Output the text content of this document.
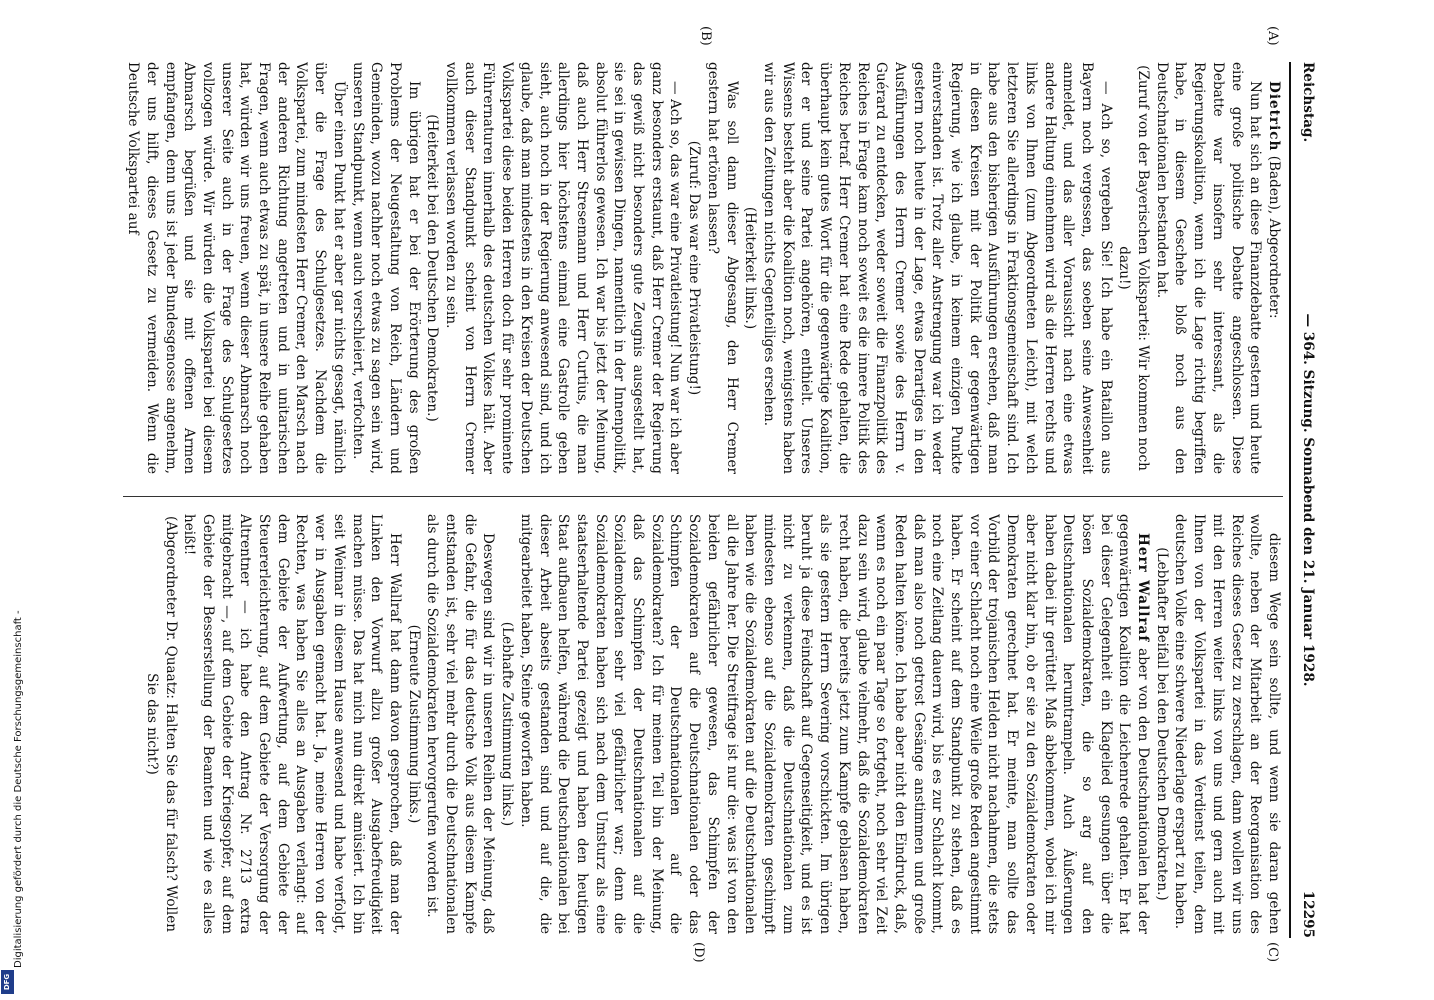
Reichstag.
— 364. Sitzung. Sonnabend den 21. Januar 1928.
12295
(A)
(B)
(C)
(D)

Dietrich (Baden), Abgeordneter:

Nun hat sich an diese Finanzdebatte gestern und heute eine große politische Debatte angeschlossen. Diese Debatte war insofern sehr interessant, als die Regierungskoalition, wenn ich die Lage richtig begriffen habe, in diesem Geschehe bloß noch aus den Deutschnationalen bestanden hat.

(Zuruf von der Bayerischen Volkspartei: Wir kommen noch dazu!)

— Ach so, vergeben Sie! Ich habe ein Bataillon aus Bayern noch vergessen, das soeben seine Anwesenheit anmeldet, und das aller Voraussicht nach eine etwas andere Haltung einnehmen wird als die Herren rechts und links von Ihnen (zum Abgeordneten Leicht), mit welch letzteren Sie allerdings in Fraktionsgemeinschaft sind. Ich habe aus den bisherigen Ausführungen ersehen, daß man in diesen Kreisen mit der Politik der gegenwärtigen Regierung, wie ich glaube, in keinem einzigen Punkte einverstanden ist. Trotz aller Anstrengung war ich weder gestern noch heute in der Lage, etwas Derartiges in den Ausführungen des Herrn Cremer sowie des Herrn v. Guérard zu entdecken, weder soweit die Finanzpolitik des Reiches in Frage kam noch soweit es die innere Politik des Reiches betraf. Herr Cremer hat eine Rede gehalten, die überhaupt kein gutes Wort für die gegenwärtige Koalition, der er und seine Partei angehören, enthielt. Unseres Wissens besteht aber die Koalition noch, wenigstens haben wir aus den Zeitungen nichts Gegenteiliges ersehen.

(Heiterkeit links.)

Was soll dann dieser Abgesang, den Herr Cremer gestern hat ertönen lassen?

(Zuruf: Das war eine Privatleistung!)

— Ach so, das war eine Privatleistung! Nun war ich aber ganz besonders erstaunt, daß Herr Cremer der Regierung das gewiß nicht besonders gute Zeugnis ausgestellt hat, sie sei in gewissen Dingen, namentlich in der Innenpolitik, absolut führerlos gewesen. Ich war bis jetzt der Meinung, daß auch Herr Stresemann und Herr Curtius, die man allerdings hier höchstens einmal eine Gastrolle geben sieht, auch noch in der Regierung anwesend sind, und ich glaube, daß man mindestens in den Kreisen der Deutschen Volkspartei diese beiden Herren doch für sehr prominente Führernaturen innerhalb des deutschen Volkes hält. Aber auch dieser Standpunkt scheint von Herrn Cremer vollkommen verlassen worden zu sein.

(Heiterkeit bei den Deutschen Demokraten.)

Im übrigen hat er bei der Erörterung des großen Problems der Neugestaltung von Reich, Ländern und Gemeinden, wozu nachher noch etwas zu sagen sein wird, unseren Standpunkt, wenn auch verschleiert, verfochten.

Über einen Punkt hat er aber gar nichts gesagt, nämlich über die Frage des Schulgesetzes. Nachdem die Volkspartei, zum mindesten Herr Cremer, den Marsch nach der anderen Richtung angetreten und in unitarischen Fragen, wenn auch etwas zu spät, in unsere Reihe gehaben hat, würden wir uns freuen, wenn dieser Abmarsch noch unserer Seite auch in der Frage des Schulgesetzes vollzogen würde. Wir würden die Volkspartei bei diesem Abmarsch begrüßen und sie mit offenen Armen empfangen, denn uns ist jeder Bundesgenosse angenehm, der uns hilft, dieses Gesetz zu vermeiden. Wenn die Deutsche Volkspartei auf

diesem Wege sein sollte, und wenn sie daran gehen wollte, neben der Mitarbeit an der Reorganisation des Reiches dieses Gesetz zu zerschlagen, dann wollen wir uns mit den Herren weiter links von uns und gern auch mit Ihnen von der Volkspartei in das Verdienst teilen, dem deutschen Volke eine schwere Niederlage erspart zu haben.

(Lebhafter Beifall bei den Deutschen Demokraten.)

Herr Wallraf aber von den Deutschnationalen hat der gegenwärtigen Koalition die Leichenrede gehalten. Er hat bei dieser Gelegenheit ein Klagelied gesungen über die bösen Sozialdemokraten, die so arg auf den Deutschnationalen herumtrampeln. Auch Äußerungen haben dabei ihr gerüttelt Maß abbekommen, wobei ich mir aber nicht klar bin, ob er sie zu den Sozialdemokraten oder Demokraten gerechnet hat. Er meinte, man sollte das Vorbild der trojanischen Helden nicht nachahmen, die stets vor einer Schlacht noch eine Weile große Reden angestimmt haben. Er scheint auf dem Standpunkt zu stehen, daß es noch eine Zeitlang dauern wird, bis es zur Schlacht kommt, daß man also noch getrost Gesänge anstimmen und große Reden halten könne. Ich habe aber nicht den Eindruck, daß, wenn es noch ein paar Tage so fortgeht, noch sehr viel Zeit dazu sein wird, glaube vielmehr, daß die Sozialdemokraten recht haben, die bereits jetzt zum Kampfe geblasen haben, als sie gestern Herrn Severing vorschickten. Im übrigen beruht ja diese Feindschaft auf Gegenseitigkeit, und es ist nicht zu verkennen, daß die Deutschnationalen zum mindesten ebenso auf die Sozialdemokraten geschimpft haben wie die Sozialdemokraten auf die Deutschnationalen all die Jahre her. Die Streitfrage ist nur die: was ist von den beiden gefährlicher gewesen, das Schimpfen der Sozialdemokraten auf die Deutschnationalen oder das Schimpfen der Deutschnationalen auf die Sozialdemokraten? Ich für meinen Teil bin der Meinung, daß das Schimpfen der Deutschnationalen auf die Sozialdemokraten sehr viel gefährlicher war; denn die Sozialdemokraten haben sich nach dem Umsturz als eine staatserhaltende Partei gezeigt und haben den heutigen Staat aufbauen helfen, während die Deutschnationalen bei dieser Arbeit abseits gestanden sind und auf die, die mitgearbeitet haben, Steine geworfen haben.

(Lebhafte Zustimmung links.)

Deswegen sind wir in unseren Reihen der Meinung, daß die Gefahr, die für das deutsche Volk aus diesem Kampfe entstanden ist, sehr viel mehr durch die Deutschnationalen als durch die Sozialdemokraten hervorgerufen worden ist.

(Erneute Zustimmung links.)

Herr Wallraf hat dann davon gesprochen, daß man der Linken den Vorwurf allzu großer Ausgabefreudigkeit machen müsse. Das hat mich nun direkt amüsiert. Ich bin seit Weimar in diesem Hause anwesend und habe verfolgt, wer in Ausgaben gemacht hat. Ja, meine Herren von der Rechten, was haben Sie alles an Ausgaben verlangt: auf dem Gebiete der Aufwertung, auf dem Gebiete der Steuererleichterung, auf dem Gebiete der Versorgung der Altrentner — ich habe den Antrag Nr. 2713 extra mitgebracht —, auf dem Gebiete der Kriegsopfer, auf dem Gebiete der Besserstellung der Beamten und wie es alles heißt!

(Abgeordneter Dr. Quaatz: Halten Sie das für falsch? Wollen Sie das nicht?)

Digitalisierung gefördert durch die Deutsche Forschungsgemeinschaft -
DFG
